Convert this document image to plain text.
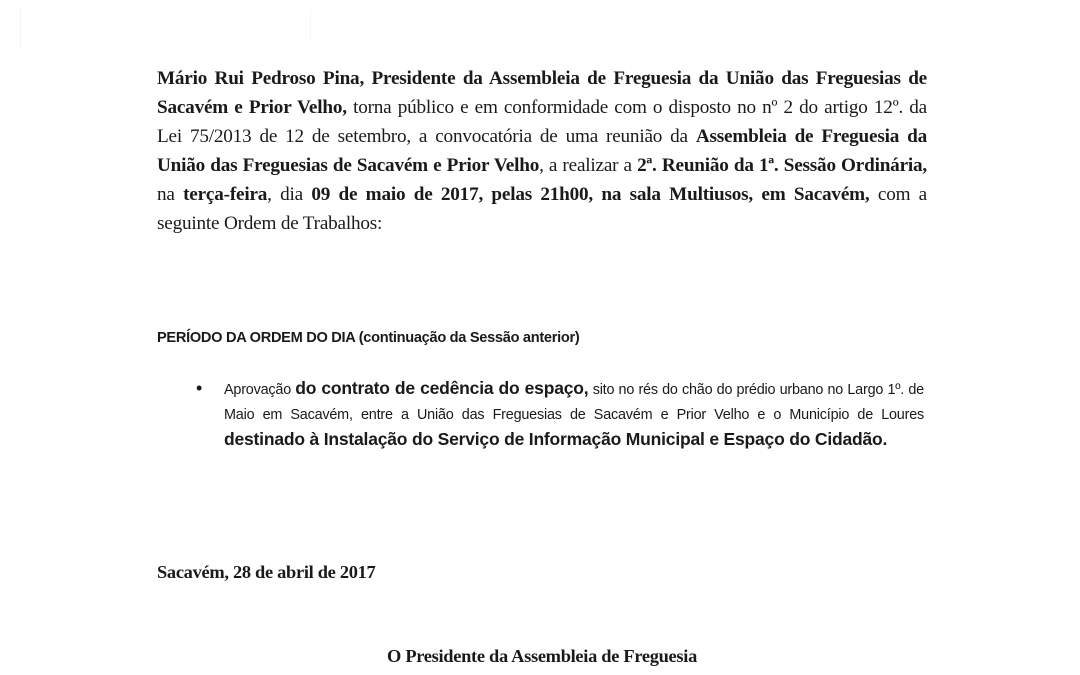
Mário Rui Pedroso Pina, Presidente da Assembleia de Freguesia da União das Freguesias de Sacavém e Prior Velho, torna público e em conformidade com o disposto no nº 2 do artigo 12º. da Lei 75/2013 de 12 de setembro, a convocatória de uma reunião da Assembleia de Freguesia da União das Freguesias de Sacavém e Prior Velho, a realizar a 2ª. Reunião da 1ª. Sessão Ordinária, na terça-feira, dia 09 de maio de 2017, pelas 21h00, na sala Multiusos, em Sacavém, com a seguinte Ordem de Trabalhos:

PERÍODO DA ORDEM DO DIA (continuação da Sessão anterior)
•	Aprovação do contrato de cedência do espaço, sito no rés do chão do prédio urbano no Largo 1º. de Maio em Sacavém, entre a União das Freguesias de Sacavém e Prior Velho e o Município de Loures destinado à Instalação do Serviço de Informação Municipal e Espaço do Cidadão.
Sacavém, 28 de abril de 2017
O Presidente da Assembleia de Freguesia
